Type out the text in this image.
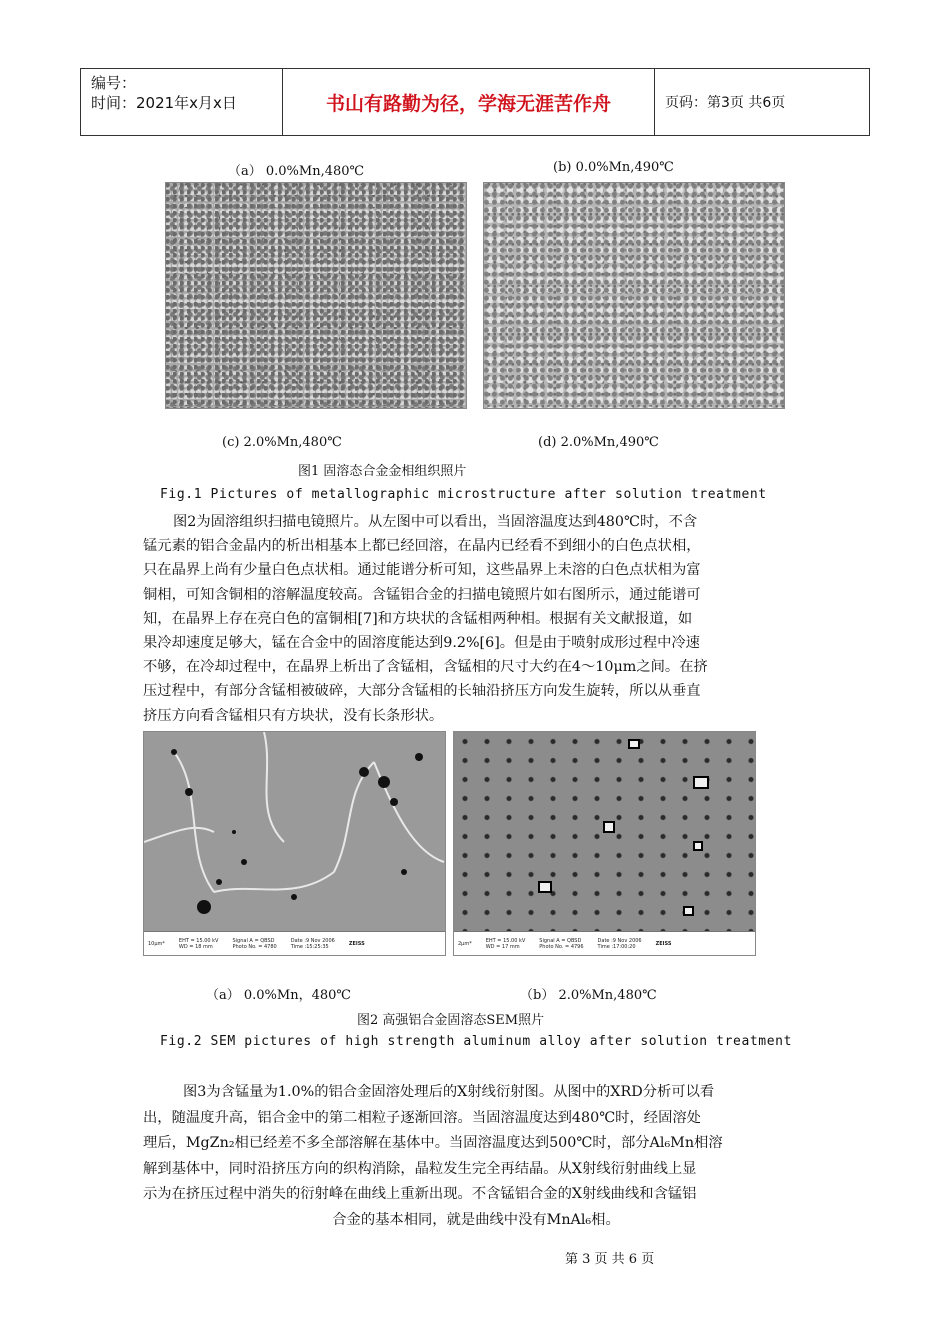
编号：
时间：2021年x月x日	书山有路勤为径，学海无涯苦作舟	页码：第3页 共6页
（a） 0.0%Mn,480℃	(b) 0.0%Mn,490℃
(c) 2.0%Mn,480℃	(d) 2.0%Mn,490℃
图1 固溶态合金金相组织照片
Fig.1 Pictures of metallographic microstructure after solution treatment
图2为固溶组织扫描电镜照片。从左图中可以看出，当固溶温度达到480℃时，不含
锰元素的铝合金晶内的析出相基本上都已经回溶，在晶内已经看不到细小的白色点状相，
只在晶界上尚有少量白色点状相。通过能谱分析可知，这些晶界上未溶的白色点状相为富
铜相，可知含铜相的溶解温度较高。含锰铝合金的扫描电镜照片如右图所示，通过能谱可
知，在晶界上存在亮白色的富铜相[7]和方块状的含锰相两种相。根据有关文献报道，如
果冷却速度足够大，锰在合金中的固溶度能达到9.2%[6]。但是由于喷射成形过程中冷速
不够，在冷却过程中，在晶界上析出了含锰相，含锰相的尺寸大约在4～10μm之间。在挤
压过程中，有部分含锰相被破碎，大部分含锰相的长轴沿挤压方向发生旋转，所以从垂直
挤压方向看含锰相只有方块状，没有长条形状。
10μm*	EHT = 15.00 kV
WD = 18 mm
Signal A = QBSD
Photo No. = 4780
Date :9 Nov 2006
Time :15:25:35	ZEISS	2μm*	EHT = 15.00 kV
WD = 17 mm
Signal A = QBSD
Photo No. = 4796
Date :9 Nov 2006
Time :17:00:20	ZEISS
（a） 0.0%Mn，480℃	（b） 2.0%Mn,480℃
图2 高强铝合金固溶态SEM照片
Fig.2 SEM pictures of high strength aluminum alloy after solution treatment
图3为含锰量为1.0%的铝合金固溶处理后的X射线衍射图。从图中的XRD分析可以看
出，随温度升高，铝合金中的第二相粒子逐渐回溶。当固溶温度达到480℃时，经固溶处
理后，MgZn₂相已经差不多全部溶解在基体中。当固溶温度达到500℃时，部分Al₆Mn相溶
解到基体中，同时沿挤压方向的织构消除，晶粒发生完全再结晶。从X射线衍射曲线上显
示为在挤压过程中消失的衍射峰在曲线上重新出现。不含锰铝合金的X射线曲线和含锰铝
合金的基本相同，就是曲线中没有MnAl₆相。
第 3 页 共 6 页
